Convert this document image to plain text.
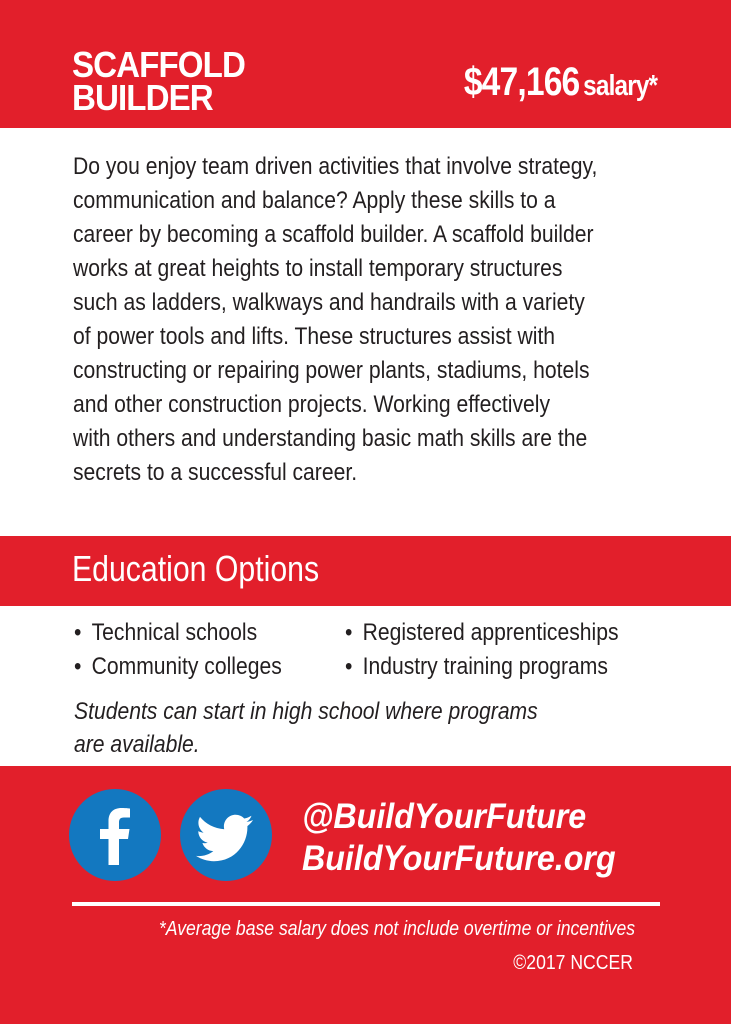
SCAFFOLD
BUILDER	$47,166 salary*

Do you enjoy team driven activities that involve strategy,
communication and balance? Apply these skills to a
career by becoming a scaffold builder. A scaffold builder
works at great heights to install temporary structures
such as ladders, walkways and handrails with a variety
of power tools and lifts. These structures assist with
constructing or repairing power plants, stadiums, hotels
and other construction projects. Working effectively
with others and understanding basic math skills are the
secrets to a successful career.

Education Options
• Technical schools
• Community colleges
• Registered apprenticeships
• Industry training programs

Students can start in high school where programs
are available.

@BuildYourFuture

BuildYourFuture.org

*Average base salary does not include overtime or incentives

©2017 NCCER
